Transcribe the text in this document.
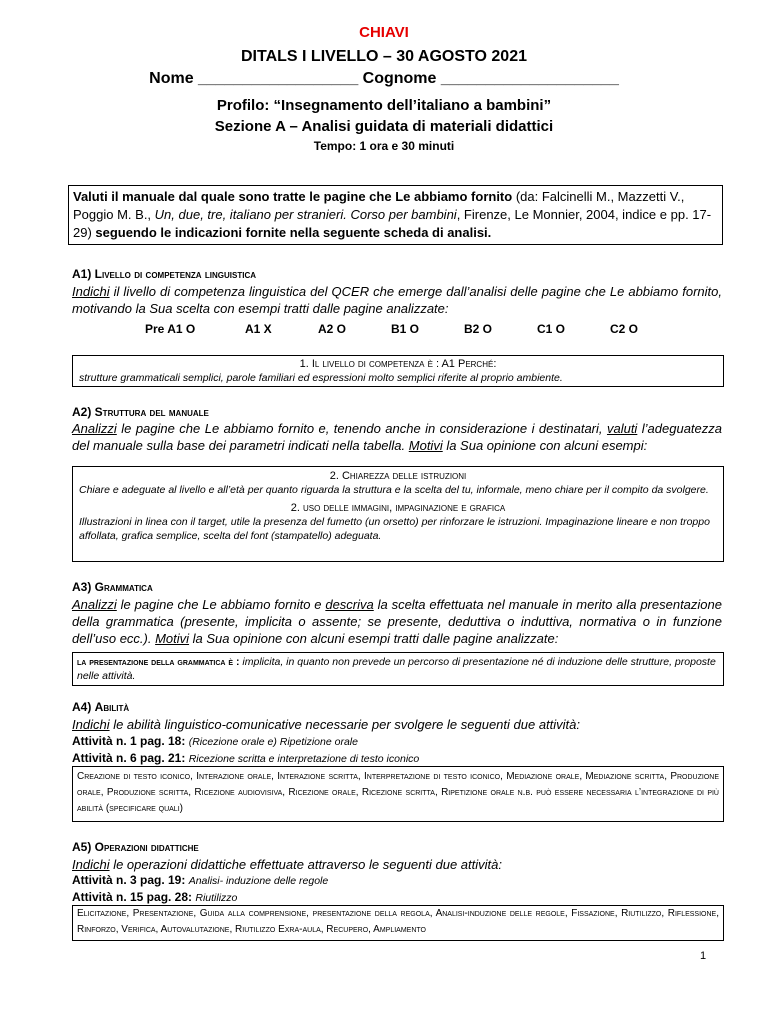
CHIAVI
DITALS I LIVELLO – 30 AGOSTO 2021
Nome __________________ Cognome ____________________
Profilo: “Insegnamento dell’italiano a bambini”
Sezione A – Analisi guidata di materiali didattici
Tempo: 1 ora e 30 minuti
Valuti il manuale dal quale sono tratte le pagine che Le abbiamo fornito (da: Falcinelli M., Mazzetti V., Poggio M. B., Un, due, tre, italiano per stranieri. Corso per bambini, Firenze, Le Monnier, 2004, indice e pp. 17-29) seguendo le indicazioni fornite nella seguente scheda di analisi.
A1) Livello di competenza linguistica
Indichi il livello di competenza linguistica del QCER che emerge dall’analisi delle pagine che Le abbiamo fornito, motivando la Sua scelta con esempi tratti dalle pagine analizzate:
Pre A1 O	A1 X	A2 O	B1 O	B2 O	C1 O	C2 O
1. Il livello di competenza è : A1 Perché:
strutture grammaticali semplici, parole familiari ed espressioni molto semplici riferite al proprio ambiente.
A2) Struttura del manuale
Analizzi le pagine che Le abbiamo fornito e, tenendo anche in considerazione i destinatari, valuti l’adeguatezza del manuale sulla base dei parametri indicati nella tabella. Motivi la Sua opinione con alcuni esempi:
2. Chiarezza delle istruzioni
Chiare e adeguate al livello e all’età per quanto riguarda la struttura e la scelta del tu, informale, meno chiare per il compito da svolgere.
2. uso delle immagini, impaginazione e grafica
Illustrazioni in linea con il target, utile la presenza del fumetto (un orsetto) per rinforzare le istruzioni. Impaginazione lineare e non troppo affollata, grafica semplice, scelta del font (stampatello) adeguata.
A3) Grammatica
Analizzi le pagine che Le abbiamo fornito e descriva la scelta effettuata nel manuale in merito alla presentazione della grammatica (presente, implicita o assente; se presente, deduttiva o induttiva, normativa o in funzione dell’uso ecc.). Motivi la Sua opinione con alcuni esempi tratti dalle pagine analizzate:
la presentazione della grammatica è : implicita, in quanto non prevede un percorso di presentazione né di induzione delle strutture, proposte nelle attività.
A4) Abilità
Indichi le abilità linguistico-comunicative necessarie per svolgere le seguenti due attività:
Attività n. 1 pag. 18: (Ricezione orale e) Ripetizione orale
Attività n. 6 pag. 21: Ricezione scritta e interpretazione di testo iconico
Creazione di testo iconico, Interazione orale, Interazione scritta, Interpretazione di testo iconico, Mediazione orale, Mediazione scritta, Produzione orale, Produzione scritta, Ricezione audiovisiva, Ricezione orale, Ricezione scritta, Ripetizione orale n.b. può essere necessaria l’integrazione di più abilità (specificare quali)
A5) Operazioni didattiche
Indichi le operazioni didattiche effettuate attraverso le seguenti due attività:
Attività n. 3 pag. 19: Analisi- induzione delle regole
Attività n. 15 pag. 28: Riutilizzo
Elicitazione, Presentazione, Guida alla comprensione, presentazione della regola, Analisi-induzione delle regole, Fissazione, Riutilizzo, Riflessione, Rinforzo, Verifica, Autovalutazione, Riutilizzo Exra-aula, Recupero, Ampliamento
1
